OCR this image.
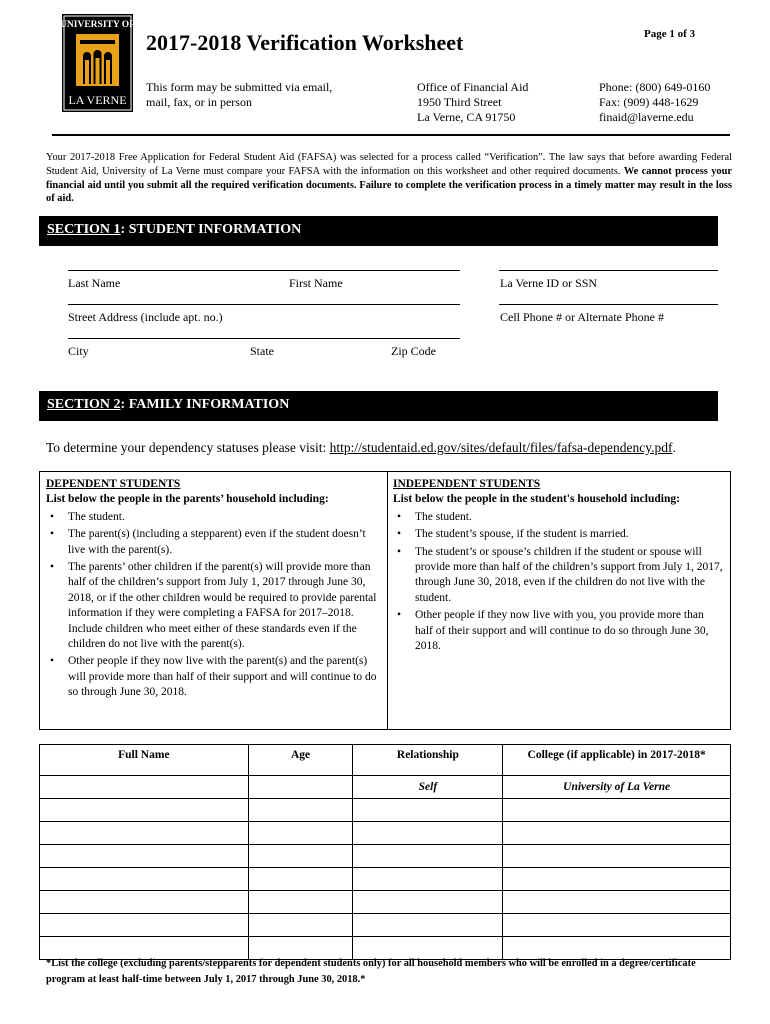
UNIVERSITY OF
LA VERNE
2017-2018 Verification Worksheet	Page 1 of 3
This form may be submitted via email,
mail, fax, or in person
Office of Financial Aid
1950 Third Street
La Verne, CA 91750
Phone: (800) 649-0160
Fax: (909) 448-1629
finaid@laverne.edu
Your 2017-2018 Free Application for Federal Student Aid (FAFSA) was selected for a process called “Verification”. The law says that before awarding Federal Student Aid, University of La Verne must compare your FAFSA with the information on this worksheet and other required documents. We cannot process your financial aid until you submit all the required verification documents. Failure to complete the verification process in a timely matter may result in the loss of aid.
SECTION 1: STUDENT INFORMATION
Last Name	First Name	La Verne ID or SSN
Street Address (include apt. no.)	Cell Phone # or Alternate Phone #
City	State	Zip Code
SECTION 2: FAMILY INFORMATION
To determine your dependency statuses please visit: http://studentaid.ed.gov/sites/default/files/fafsa-dependency.pdf.
DEPENDENT STUDENTS
List below the people in the parents’ household including:
• The student.
• The parent(s) (including a stepparent) even if the student doesn’t live with the parent(s).
• The parents’ other children if the parent(s) will provide more than half of the children’s support from July 1, 2017 through June 30, 2018, or if the other children would be required to provide parental information if they were completing a FAFSA for 2017–2018. Include children who meet either of these standards even if the children do not live with the parent(s).
• Other people if they now live with the parent(s) and the parent(s) will provide more than half of their support and will continue to do so through June 30, 2018.
INDEPENDENT STUDENTS
List below the people in the student's household including:
• The student.
• The student’s spouse, if the student is married.
• The student’s or spouse’s children if the student or spouse will provide more than half of the children’s support from July 1, 2017, through June 30, 2018, even if the children do not live with the student.
• Other people if they now live with you, you provide more than half of their support and will continue to do so through June 30, 2018.
Full Name	Age	Relationship	College (if applicable) in 2017-2018*
		Self	University of La Verne

*List the college (excluding parents/stepparents for dependent students only) for all household members who will be enrolled in a degree/certificate program at least half-time between July 1, 2017 through June 30, 2018.*
